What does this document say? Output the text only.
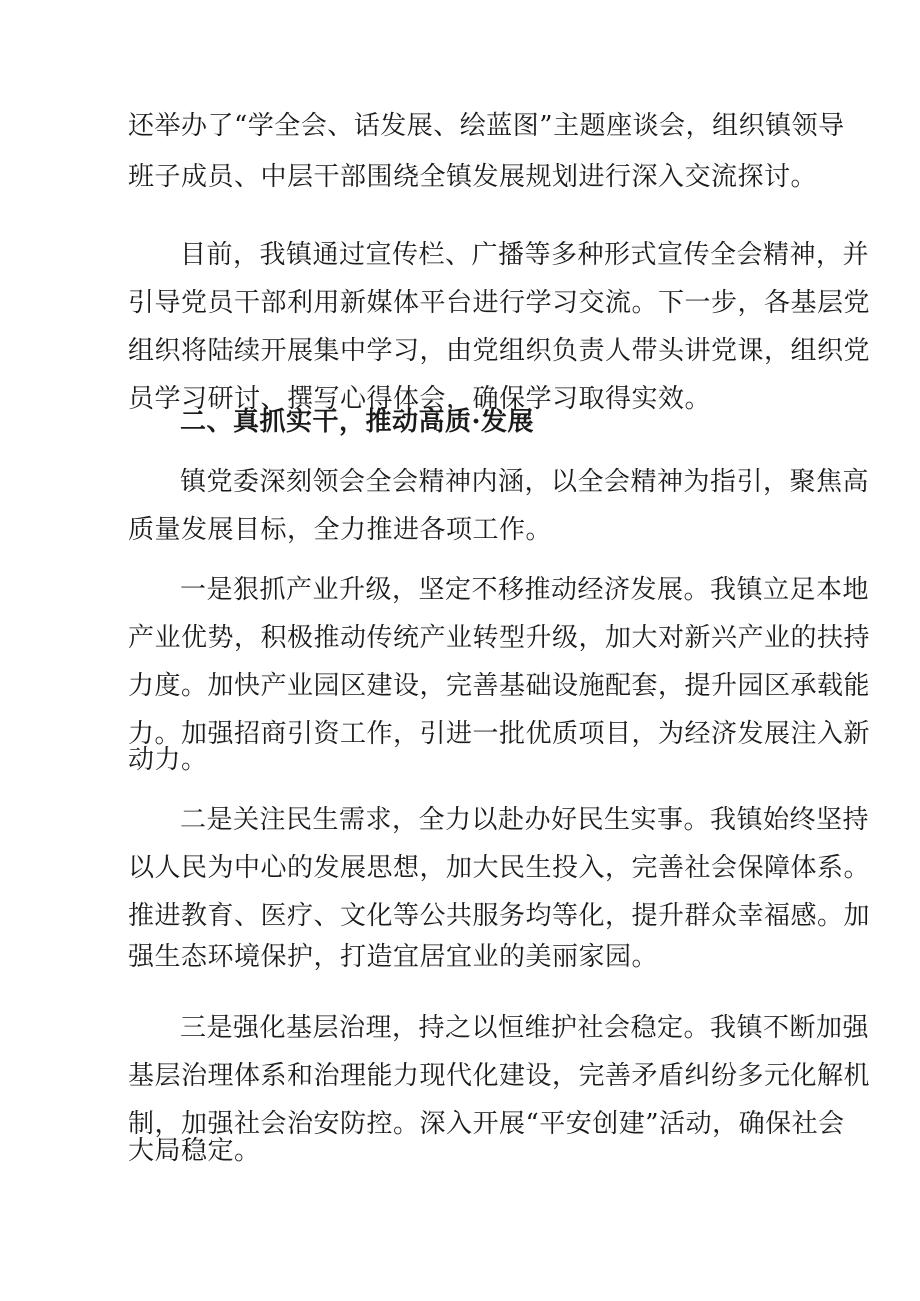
还举办了“学全会、话发展、绘蓝图”主题座谈会，组织镇领导
班子成员、中层干部围绕全镇发展规划进行深入交流探讨。
目前，我镇通过宣传栏、广播等多种形式宣传全会精神，并
引导党员干部利用新媒体平台进行学习交流。下一步，各基层党
组织将陆续开展集中学习，由党组织负责人带头讲党课，组织党
员学习研讨、撰写心得体会，确保学习取得实效。
二、真抓实干，推动高质·发展
镇党委深刻领会全会精神内涵，以全会精神为指引，聚焦高
质量发展目标，全力推进各项工作。
一是狠抓产业升级，坚定不移推动经济发展。我镇立足本地
产业优势，积极推动传统产业转型升级，加大对新兴产业的扶持
力度。加快产业园区建设，完善基础设施配套，提升园区承载能
力。加强招商引资工作，引进一批优质项目，为经济发展注入新
动力。
二是关注民生需求，全力以赴办好民生实事。我镇始终坚持
以人民为中心的发展思想，加大民生投入，完善社会保障体系。
推进教育、医疗、文化等公共服务均等化，提升群众幸福感。加
强生态环境保护，打造宜居宜业的美丽家园。
三是强化基层治理，持之以恒维护社会稳定。我镇不断加强
基层治理体系和治理能力现代化建设，完善矛盾纠纷多元化解机
制，加强社会治安防控。深入开展“平安创建”活动，确保社会
大局稳定。
